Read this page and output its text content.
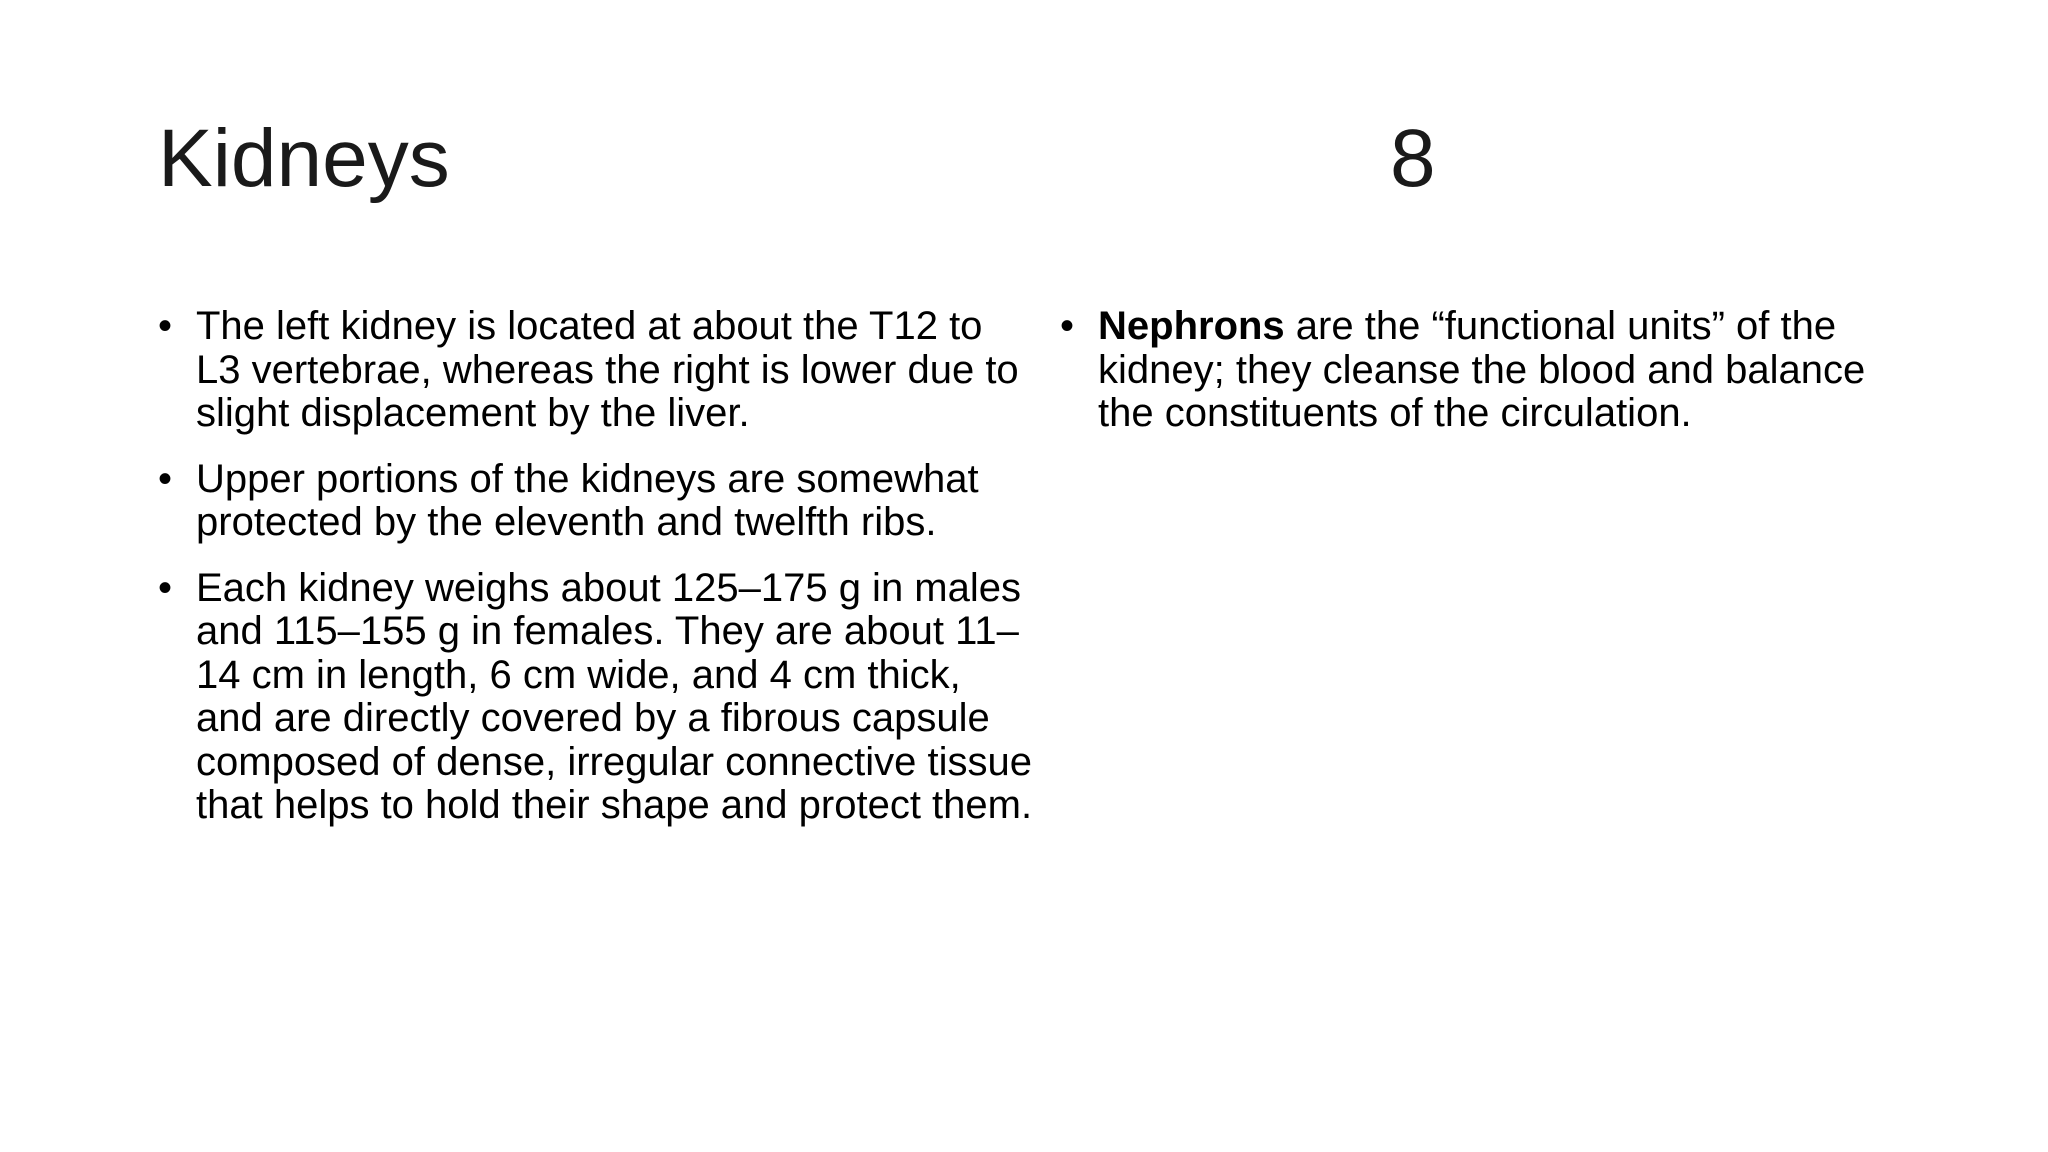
Kidneys	8
• The left kidney is located at about the T12 to L3 vertebrae, whereas the right is lower due to slight displacement by the liver.
• Upper portions of the kidneys are somewhat protected by the eleventh and twelfth ribs.
• Each kidney weighs about 125–175 g in males and 115–155 g in females. They are about 11–14 cm in length, 6 cm wide, and 4 cm thick, and are directly covered by a fibrous capsule composed of dense, irregular connective tissue that helps to hold their shape and protect them.
• Nephrons are the “functional units” of the kidney; they cleanse the blood and balance the constituents of the circulation.
